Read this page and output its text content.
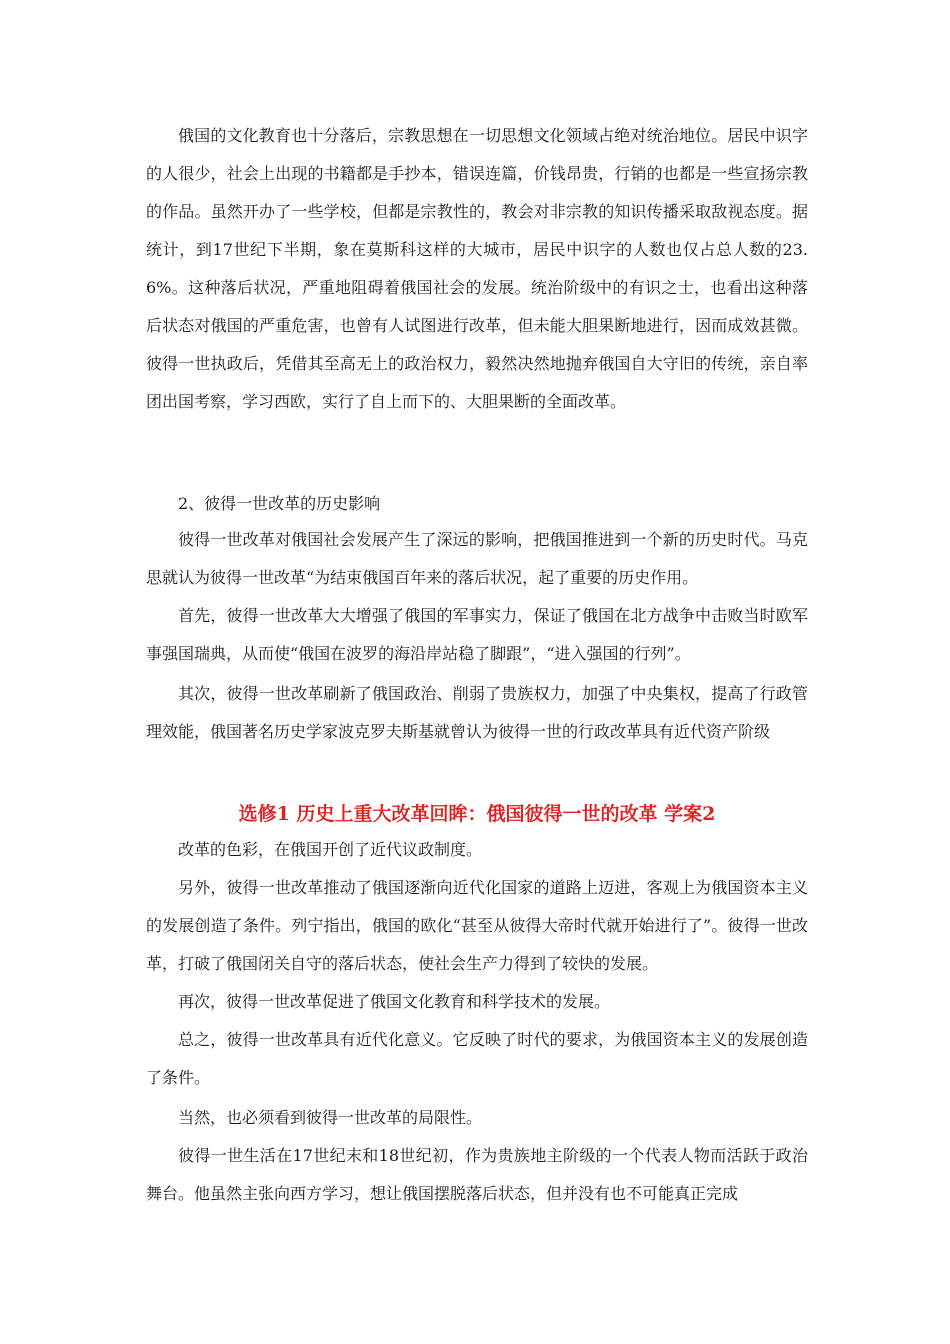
俄国的文化教育也十分落后，宗教思想在一切思想文化领域占绝对统治地位。居民中识字的人很少，社会上出现的书籍都是手抄本，错误连篇，价钱昂贵，行销的也都是一些宣扬宗教的作品。虽然开办了一些学校，但都是宗教性的，教会对非宗教的知识传播采取敌视态度。据统计，到17世纪下半期，象在莫斯科这样的大城市，居民中识字的人数也仅占总人数的23.6%。这种落后状况，严重地阻碍着俄国社会的发展。统治阶级中的有识之士，也看出这种落后状态对俄国的严重危害，也曾有人试图进行改革，但未能大胆果断地进行，因而成效甚微。彼得一世执政后，凭借其至高无上的政治权力，毅然决然地抛弃俄国自大守旧的传统，亲自率团出国考察，学习西欧，实行了自上而下的、大胆果断的全面改革。

2、彼得一世改革的历史影响

彼得一世改革对俄国社会发展产生了深远的影响，把俄国推进到一个新的历史时代。马克思就认为彼得一世改革“为结束俄国百年来的落后状况，起了重要的历史作用。

首先，彼得一世改革大大增强了俄国的军事实力，保证了俄国在北方战争中击败当时欧军事强国瑞典，从而使“俄国在波罗的海沿岸站稳了脚跟”，“进入强国的行列”。

其次，彼得一世改革刷新了俄国政治、削弱了贵族权力，加强了中央集权，提高了行政管理效能，俄国著名历史学家波克罗夫斯基就曾认为彼得一世的行政改革具有近代资产阶级

选修1 历史上重大改革回眸：俄国彼得一世的改革 学案2

改革的色彩，在俄国开创了近代议政制度。

另外，彼得一世改革推动了俄国逐渐向近代化国家的道路上迈进，客观上为俄国资本主义的发展创造了条件。列宁指出，俄国的欧化“甚至从彼得大帝时代就开始进行了”。彼得一世改革，打破了俄国闭关自守的落后状态，使社会生产力得到了较快的发展。

再次，彼得一世改革促进了俄国文化教育和科学技术的发展。

总之，彼得一世改革具有近代化意义。它反映了时代的要求，为俄国资本主义的发展创造了条件。

当然，也必须看到彼得一世改革的局限性。

彼得一世生活在17世纪末和18世纪初，作为贵族地主阶级的一个代表人物而活跃于政治舞台。他虽然主张向西方学习，想让俄国摆脱落后状态，但并没有也不可能真正完成
